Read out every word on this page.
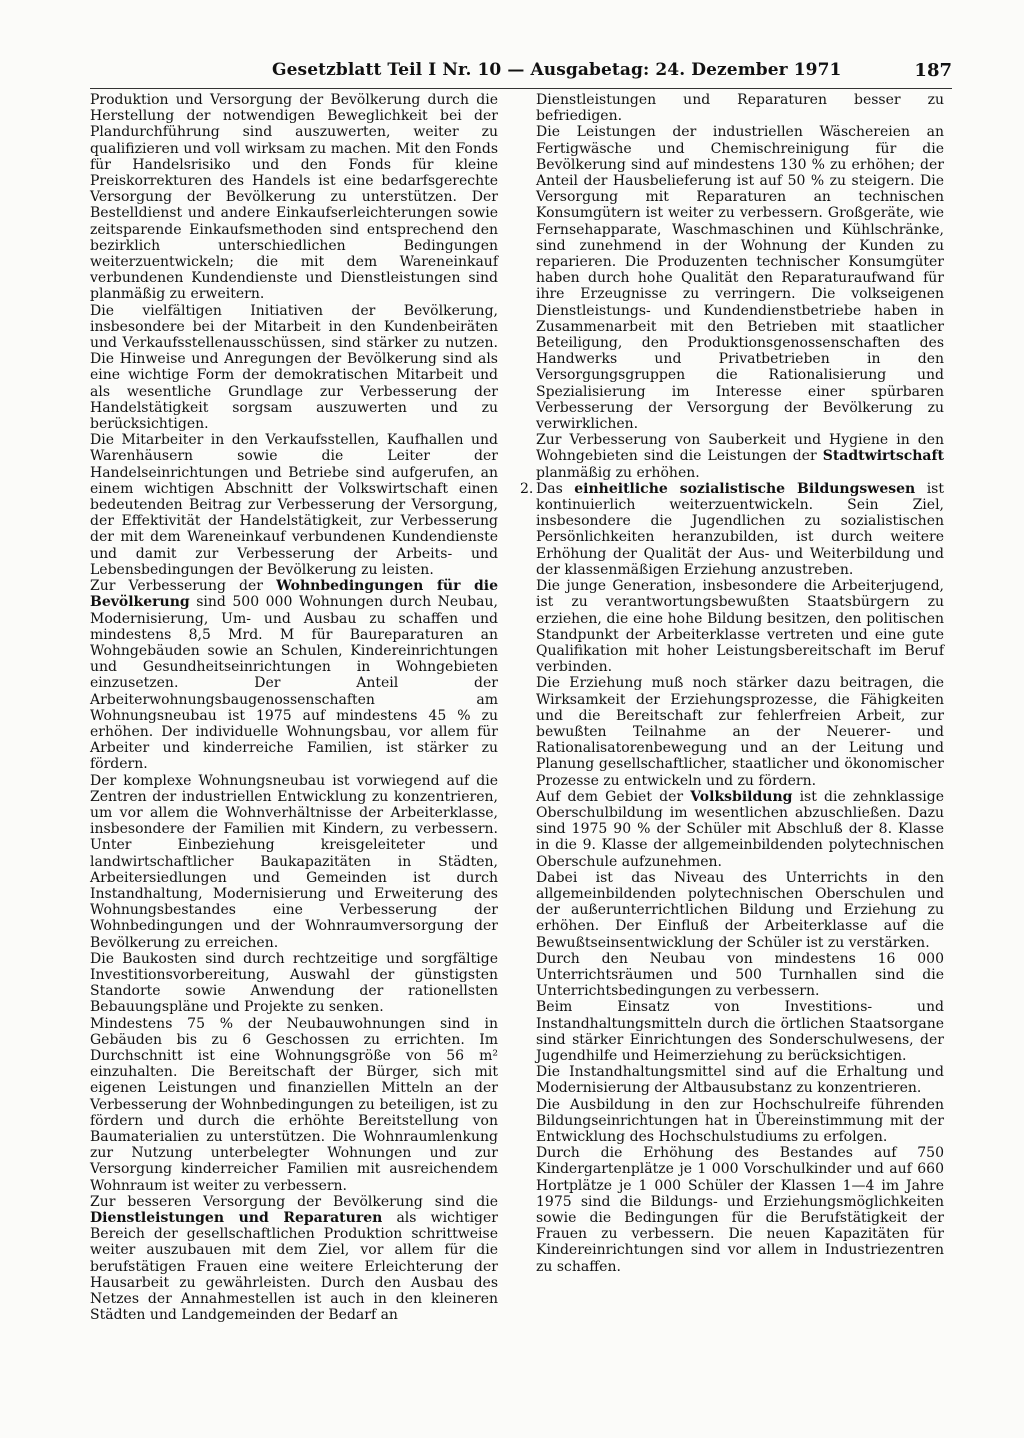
Gesetzblatt Teil I Nr. 10 — Ausgabetag: 24. Dezember 1971	187

Produktion und Versorgung der Bevölkerung durch die Herstellung der notwendigen Beweglichkeit bei der Plandurchführung sind auszuwerten, weiter zu qualifizieren und voll wirksam zu machen. Mit den Fonds für Handelsrisiko und den Fonds für kleine Preiskorrekturen des Handels ist eine bedarfsgerechte Versorgung der Bevölkerung zu unterstützen. Der Bestelldienst und andere Einkaufserleichterungen sowie zeitsparende Einkaufsmethoden sind entsprechend den bezirklich unterschiedlichen Bedingungen weiterzuentwickeln; die mit dem Wareneinkauf verbundenen Kundendienste und Dienstleistungen sind planmäßig zu erweitern.

Die vielfältigen Initiativen der Bevölkerung, insbesondere bei der Mitarbeit in den Kundenbeiräten und Verkaufsstellenausschüssen, sind stärker zu nutzen. Die Hinweise und Anregungen der Bevölkerung sind als eine wichtige Form der demokratischen Mitarbeit und als wesentliche Grundlage zur Verbesserung der Handelstätigkeit sorgsam auszuwerten und zu berücksichtigen.

Die Mitarbeiter in den Verkaufsstellen, Kaufhallen und Warenhäusern sowie die Leiter der Handelseinrichtungen und Betriebe sind aufgerufen, an einem wichtigen Abschnitt der Volkswirtschaft einen bedeutenden Beitrag zur Verbesserung der Versorgung, der Effektivität der Handelstätigkeit, zur Verbesserung der mit dem Wareneinkauf verbundenen Kundendienste und damit zur Verbesserung der Arbeits- und Lebensbedingungen der Bevölkerung zu leisten.

Zur Verbesserung der Wohnbedingungen für die Bevölkerung sind 500 000 Wohnungen durch Neubau, Modernisierung, Um- und Ausbau zu schaffen und mindestens 8,5 Mrd. M für Baureparaturen an Wohngebäuden sowie an Schulen, Kindereinrichtungen und Gesundheitseinrichtungen in Wohngebieten einzusetzen. Der Anteil der Arbeiterwohnungsbaugenossenschaften am Wohnungsneubau ist 1975 auf mindestens 45 % zu erhöhen. Der individuelle Wohnungsbau, vor allem für Arbeiter und kinderreiche Familien, ist stärker zu fördern.

Der komplexe Wohnungsneubau ist vorwiegend auf die Zentren der industriellen Entwicklung zu konzentrieren, um vor allem die Wohnverhältnisse der Arbeiterklasse, insbesondere der Familien mit Kindern, zu verbessern. Unter Einbeziehung kreisgeleiteter und landwirtschaftlicher Baukapazitäten in Städten, Arbeitersiedlungen und Gemeinden ist durch Instandhaltung, Modernisierung und Erweiterung des Wohnungsbestandes eine Verbesserung der Wohnbedingungen und der Wohnraumversorgung der Bevölkerung zu erreichen.

Die Baukosten sind durch rechtzeitige und sorgfältige Investitionsvorbereitung, Auswahl der günstigsten Standorte sowie Anwendung der rationellsten Bebauungspläne und Projekte zu senken.

Mindestens 75 % der Neubauwohnungen sind in Gebäuden bis zu 6 Geschossen zu errichten. Im Durchschnitt ist eine Wohnungsgröße von 56 m² einzuhalten. Die Bereitschaft der Bürger, sich mit eigenen Leistungen und finanziellen Mitteln an der Verbesserung der Wohnbedingungen zu beteiligen, ist zu fördern und durch die erhöhte Bereitstellung von Baumaterialien zu unterstützen. Die Wohnraumlenkung zur Nutzung unterbelegter Wohnungen und zur Versorgung kinderreicher Familien mit ausreichendem Wohnraum ist weiter zu verbessern.

Zur besseren Versorgung der Bevölkerung sind die Dienstleistungen und Reparaturen als wichtiger Bereich der gesellschaftlichen Produktion schrittweise weiter auszubauen mit dem Ziel, vor allem für die berufstätigen Frauen eine weitere Erleichterung der Hausarbeit zu gewährleisten. Durch den Ausbau des Netzes der Annahmestellen ist auch in den kleineren Städten und Landgemeinden der Bedarf an

Dienstleistungen und Reparaturen besser zu befriedigen.

Die Leistungen der industriellen Wäschereien an Fertigwäsche und Chemischreinigung für die Bevölkerung sind auf mindestens 130 % zu erhöhen; der Anteil der Hausbelieferung ist auf 50 % zu steigern. Die Versorgung mit Reparaturen an technischen Konsumgütern ist weiter zu verbessern. Großgeräte, wie Fernsehapparate, Waschmaschinen und Kühlschränke, sind zunehmend in der Wohnung der Kunden zu reparieren. Die Produzenten technischer Konsumgüter haben durch hohe Qualität den Reparaturaufwand für ihre Erzeugnisse zu verringern. Die volkseigenen Dienstleistungs- und Kundendienstbetriebe haben in Zusammenarbeit mit den Betrieben mit staatlicher Beteiligung, den Produktionsgenossenschaften des Handwerks und Privatbetrieben in den Versorgungsgruppen die Rationalisierung und Spezialisierung im Interesse einer spürbaren Verbesserung der Versorgung der Bevölkerung zu verwirklichen.

Zur Verbesserung von Sauberkeit und Hygiene in den Wohngebieten sind die Leistungen der Stadtwirtschaft planmäßig zu erhöhen.

2. Das einheitliche sozialistische Bildungswesen ist kontinuierlich weiterzuentwickeln. Sein Ziel, insbesondere die Jugendlichen zu sozialistischen Persönlichkeiten heranzubilden, ist durch weitere Erhöhung der Qualität der Aus- und Weiterbildung und der klassenmäßigen Erziehung anzustreben.

Die junge Generation, insbesondere die Arbeiterjugend, ist zu verantwortungsbewußten Staatsbürgern zu erziehen, die eine hohe Bildung besitzen, den politischen Standpunkt der Arbeiterklasse vertreten und eine gute Qualifikation mit hoher Leistungsbereitschaft im Beruf verbinden.

Die Erziehung muß noch stärker dazu beitragen, die Wirksamkeit der Erziehungsprozesse, die Fähigkeiten und die Bereitschaft zur fehlerfreien Arbeit, zur bewußten Teilnahme an der Neuerer- und Rationalisatorenbewegung und an der Leitung und Planung gesellschaftlicher, staatlicher und ökonomischer Prozesse zu entwickeln und zu fördern.

Auf dem Gebiet der Volksbildung ist die zehnklassige Oberschulbildung im wesentlichen abzuschließen. Dazu sind 1975 90 % der Schüler mit Abschluß der 8. Klasse in die 9. Klasse der allgemeinbildenden polytechnischen Oberschule aufzunehmen.

Dabei ist das Niveau des Unterrichts in den allgemeinbildenden polytechnischen Oberschulen und der außerunterrichtlichen Bildung und Erziehung zu erhöhen. Der Einfluß der Arbeiterklasse auf die Bewußtseinsentwicklung der Schüler ist zu verstärken.

Durch den Neubau von mindestens 16 000 Unterrichtsräumen und 500 Turnhallen sind die Unterrichtsbedingungen zu verbessern.

Beim Einsatz von Investitions- und Instandhaltungsmitteln durch die örtlichen Staatsorgane sind stärker Einrichtungen des Sonderschulwesens, der Jugendhilfe und Heimerziehung zu berücksichtigen.

Die Instandhaltungsmittel sind auf die Erhaltung und Modernisierung der Altbausubstanz zu konzentrieren.

Die Ausbildung in den zur Hochschulreife führenden Bildungseinrichtungen hat in Übereinstimmung mit der Entwicklung des Hochschulstudiums zu erfolgen.

Durch die Erhöhung des Bestandes auf 750 Kindergartenplätze je 1 000 Vorschulkinder und auf 660 Hortplätze je 1 000 Schüler der Klassen 1—4 im Jahre 1975 sind die Bildungs- und Erziehungsmöglichkeiten sowie die Bedingungen für die Berufstätigkeit der Frauen zu verbessern. Die neuen Kapazitäten für Kindereinrichtungen sind vor allem in Industriezentren zu schaffen.
